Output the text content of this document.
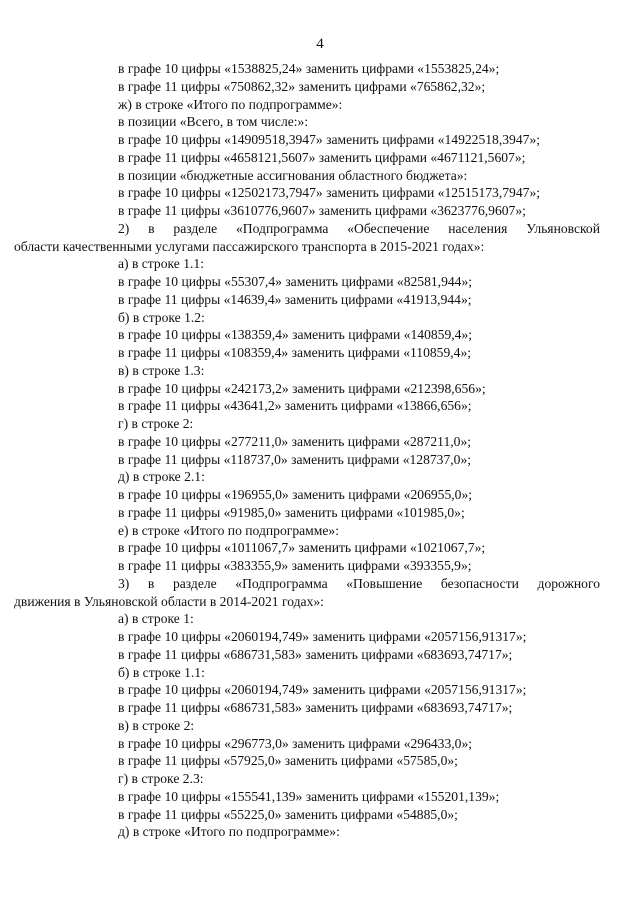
4
в графе 10 цифры «1538825,24» заменить цифрами «1553825,24»;
в графе 11 цифры «750862,32» заменить цифрами «765862,32»;
ж) в строке «Итого по подпрограмме»:
в позиции «Всего, в том числе:»:
в графе 10 цифры «14909518,3947» заменить цифрами «14922518,3947»;
в графе 11 цифры «4658121,5607» заменить цифрами «4671121,5607»;
в позиции «бюджетные ассигнования областного бюджета»:
в графе 10 цифры «12502173,7947» заменить цифрами «12515173,7947»;
в графе 11 цифры «3610776,9607» заменить цифрами «3623776,9607»;
2) в разделе «Подпрограмма «Обеспечение населения Ульяновской
области качественными услугами пассажирского транспорта в 2015-2021 годах»:
а) в строке 1.1:
в графе 10 цифры «55307,4» заменить цифрами «82581,944»;
в графе 11 цифры «14639,4» заменить цифрами «41913,944»;
б) в строке 1.2:
в графе 10 цифры «138359,4» заменить цифрами «140859,4»;
в графе 11 цифры «108359,4» заменить цифрами «110859,4»;
в) в строке 1.3:
в графе 10 цифры «242173,2» заменить цифрами «212398,656»;
в графе 11 цифры «43641,2» заменить цифрами «13866,656»;
г) в строке 2:
в графе 10 цифры «277211,0» заменить цифрами «287211,0»;
в графе 11 цифры «118737,0» заменить цифрами «128737,0»;
д) в строке 2.1:
в графе 10 цифры «196955,0» заменить цифрами «206955,0»;
в графе 11 цифры «91985,0» заменить цифрами «101985,0»;
е) в строке «Итого по подпрограмме»:
в графе 10 цифры «1011067,7» заменить цифрами «1021067,7»;
в графе 11 цифры «383355,9» заменить цифрами «393355,9»;
3) в разделе «Подпрограмма «Повышение безопасности дорожного
движения в Ульяновской области в 2014-2021 годах»:
а) в строке 1:
в графе 10 цифры «2060194,749» заменить цифрами «2057156,91317»;
в графе 11 цифры «686731,583» заменить цифрами «683693,74717»;
б) в строке 1.1:
в графе 10 цифры «2060194,749» заменить цифрами «2057156,91317»;
в графе 11 цифры «686731,583» заменить цифрами «683693,74717»;
в) в строке 2:
в графе 10 цифры «296773,0» заменить цифрами «296433,0»;
в графе 11 цифры «57925,0» заменить цифрами «57585,0»;
г) в строке 2.3:
в графе 10 цифры «155541,139» заменить цифрами «155201,139»;
в графе 11 цифры «55225,0» заменить цифрами «54885,0»;
д) в строке «Итого по подпрограмме»:
